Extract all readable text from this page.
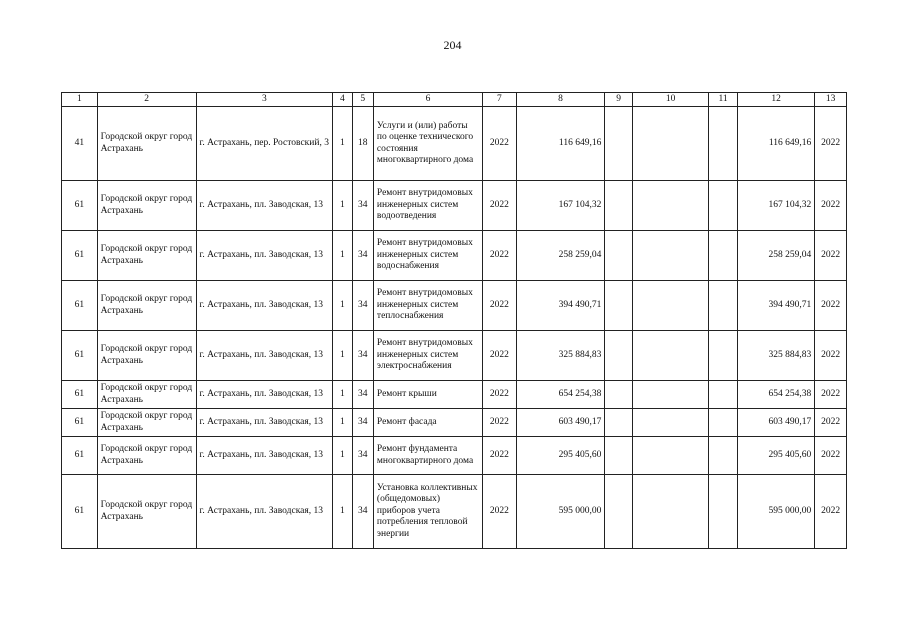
204
1	2	3	4	5	6	7	8	9	10	11	12	13
41	Городской округ город Астрахань	г. Астрахань, пер. Ростовский, 3	1	18	Услуги и (или) работы по оценке технического состояния многоквартирного дома	2022	116 649,16				116 649,16	2022
61	Городской округ город Астрахань	г. Астрахань, пл. Заводская, 13	1	34	Ремонт внутридомовых инженерных систем водоотведения	2022	167 104,32				167 104,32	2022
61	Городской округ город Астрахань	г. Астрахань, пл. Заводская, 13	1	34	Ремонт внутридомовых инженерных систем водоснабжения	2022	258 259,04				258 259,04	2022
61	Городской округ город Астрахань	г. Астрахань, пл. Заводская, 13	1	34	Ремонт внутридомовых инженерных систем теплоснабжения	2022	394 490,71				394 490,71	2022
61	Городской округ город Астрахань	г. Астрахань, пл. Заводская, 13	1	34	Ремонт внутридомовых инженерных систем электроснабжения	2022	325 884,83				325 884,83	2022
61	Городской округ город Астрахань	г. Астрахань, пл. Заводская, 13	1	34	Ремонт крыши	2022	654 254,38				654 254,38	2022
61	Городской округ город Астрахань	г. Астрахань, пл. Заводская, 13	1	34	Ремонт фасада	2022	603 490,17				603 490,17	2022
61	Городской округ город Астрахань	г. Астрахань, пл. Заводская, 13	1	34	Ремонт фундамента многоквартирного дома	2022	295 405,60				295 405,60	2022
61	Городской округ город Астрахань	г. Астрахань, пл. Заводская, 13	1	34	Установка коллективных (общедомовых) приборов учета потребления тепловой энергии	2022	595 000,00				595 000,00	2022
